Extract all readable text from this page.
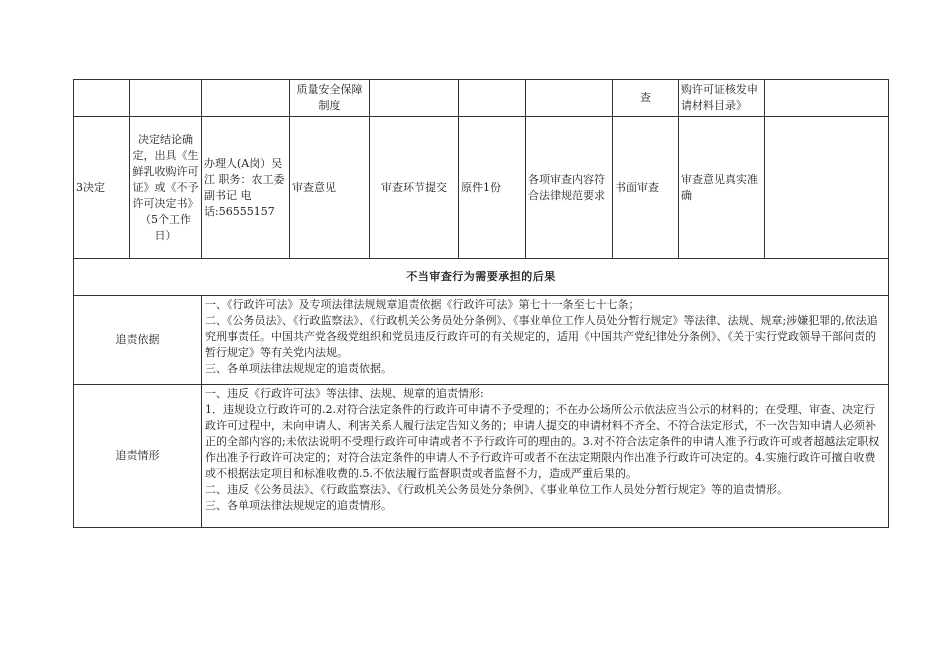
			质量安全保障制度				查	购许可证核发申请材料目录》	
3决定	决定结论确定，出具《生鲜乳收购许可证》或《不予许可决定书》（5个工作日）	办理人(A岗）吴江 职务：农工委副书记 电话:56555157	审查意见	审查环节提交	原件1份	各项审查内容符合法律规范要求	书面审查	审查意见真实准确	
不当审查行为需要承担的后果									
追责依据		一、《行政许可法》及专项法律法规规章追责依据《行政许可法》第七十一条至七十七条；
二、《公务员法》、《行政监察法》、《行政机关公务员处分条例》、《事业单位工作人员处分暂行规定》等法律、法规、规章;涉嫌犯罪的,依法追究刑事责任。中国共产党各级党组织和党员违反行政许可的有关规定的，适用《中国共产党纪律处分条例》、《关于实行党政领导干部问责的暂行规定》等有关党内法规。
三、各单项法律法规规定的追责依据。							

追责情形		一、违反《行政许可法》等法律、法规、规章的追责情形:
1．违规设立行政许可的.2.对符合法定条件的行政许可申请不予受理的；不在办公场所公示依法应当公示的材料的；在受理、审查、决定行政许可过程中，未向申请人、利害关系人履行法定告知义务的；申请人提交的申请材料不齐全、不符合法定形式，不一次告知申请人必须补正的全部内容的;未依法说明不受理行政许可申请或者不予行政许可的理由的。3.对不符合法定条件的申请人准予行政许可或者超越法定职权作出准予行政许可决定的；对符合法定条件的申请人不予行政许可或者不在法定期限内作出准予行政许可决定的。4.实施行政许可擅自收费或不根据法定项目和标准收费的.5.不依法履行监督职责或者监督不力，造成严重后果的。
二、违反《公务员法》、《行政监察法》、《行政机关公务员处分条例》、《事业单位工作人员处分暂行规定》等的追责情形。
三、各单项法律法规规定的追责情形。							
